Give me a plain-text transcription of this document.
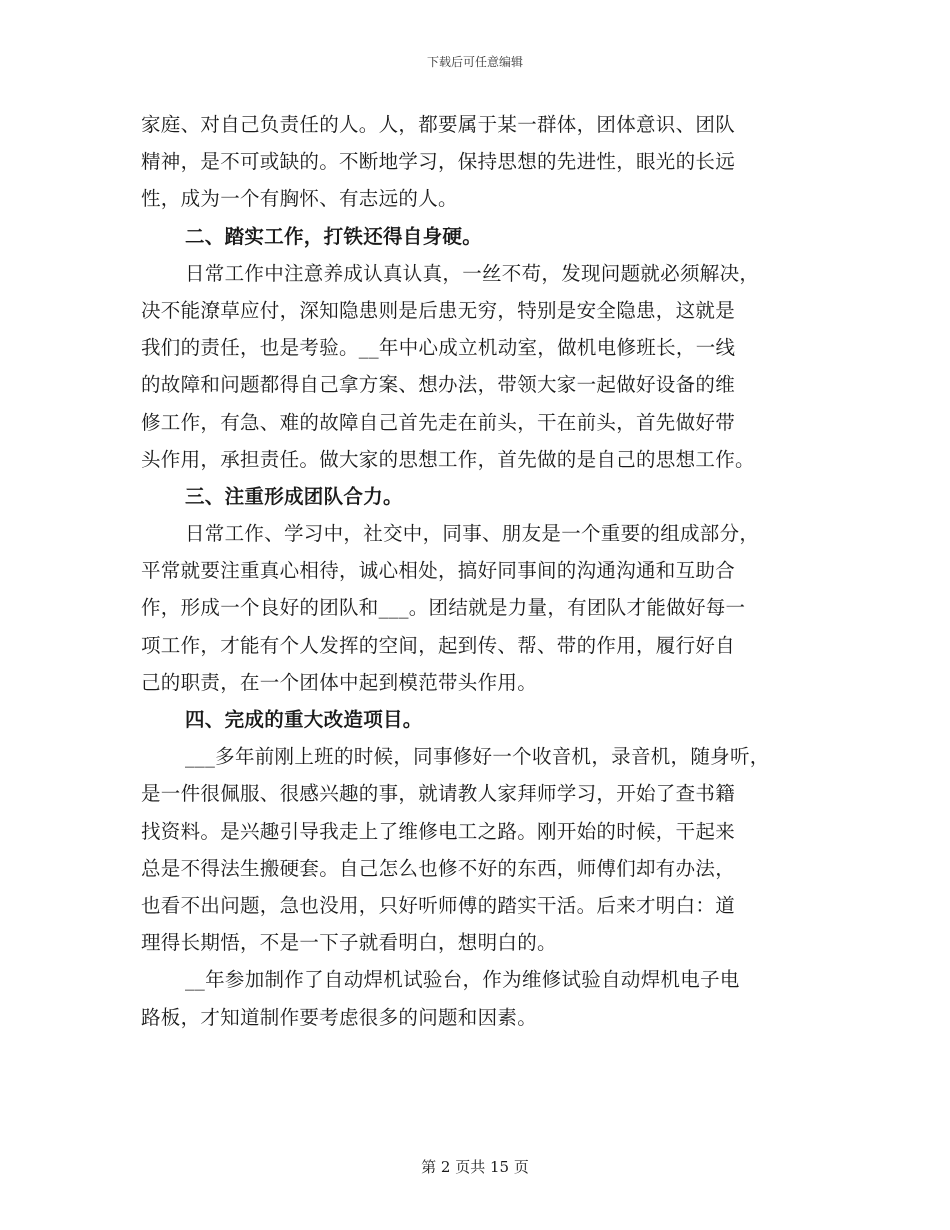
下载后可任意编辑
家庭、对自己负责任的人。人，都要属于某一群体，团体意识、团队
精神，是不可或缺的。不断地学习，保持思想的先进性，眼光的长远
性，成为一个有胸怀、有志远的人。
二、踏实工作，打铁还得自身硬。
日常工作中注意养成认真认真，一丝不苟，发现问题就必须解决，
决不能潦草应付，深知隐患则是后患无穷，特别是安全隐患，这就是
我们的责任，也是考验。__年中心成立机动室，做机电修班长，一线
的故障和问题都得自己拿方案、想办法，带领大家一起做好设备的维
修工作，有急、难的故障自己首先走在前头，干在前头，首先做好带
头作用，承担责任。做大家的思想工作，首先做的是自己的思想工作。
三、注重形成团队合力。
日常工作、学习中，社交中，同事、朋友是一个重要的组成部分，
平常就要注重真心相待，诚心相处，搞好同事间的沟通沟通和互助合
作，形成一个良好的团队和___。团结就是力量，有团队才能做好每一
项工作，才能有个人发挥的空间，起到传、帮、带的作用，履行好自
己的职责，在一个团体中起到模范带头作用。
四、完成的重大改造项目。
___多年前刚上班的时候，同事修好一个收音机，录音机，随身听，
是一件很佩服、很感兴趣的事，就请教人家拜师学习，开始了查书籍
找资料。是兴趣引导我走上了维修电工之路。刚开始的时候，干起来
总是不得法生搬硬套。自己怎么也修不好的东西，师傅们却有办法，
也看不出问题，急也没用，只好听师傅的踏实干活。后来才明白：道
理得长期悟，不是一下子就看明白，想明白的。
__年参加制作了自动焊机试验台，作为维修试验自动焊机电子电
路板，才知道制作要考虑很多的问题和因素。
第 2 页共 15 页
